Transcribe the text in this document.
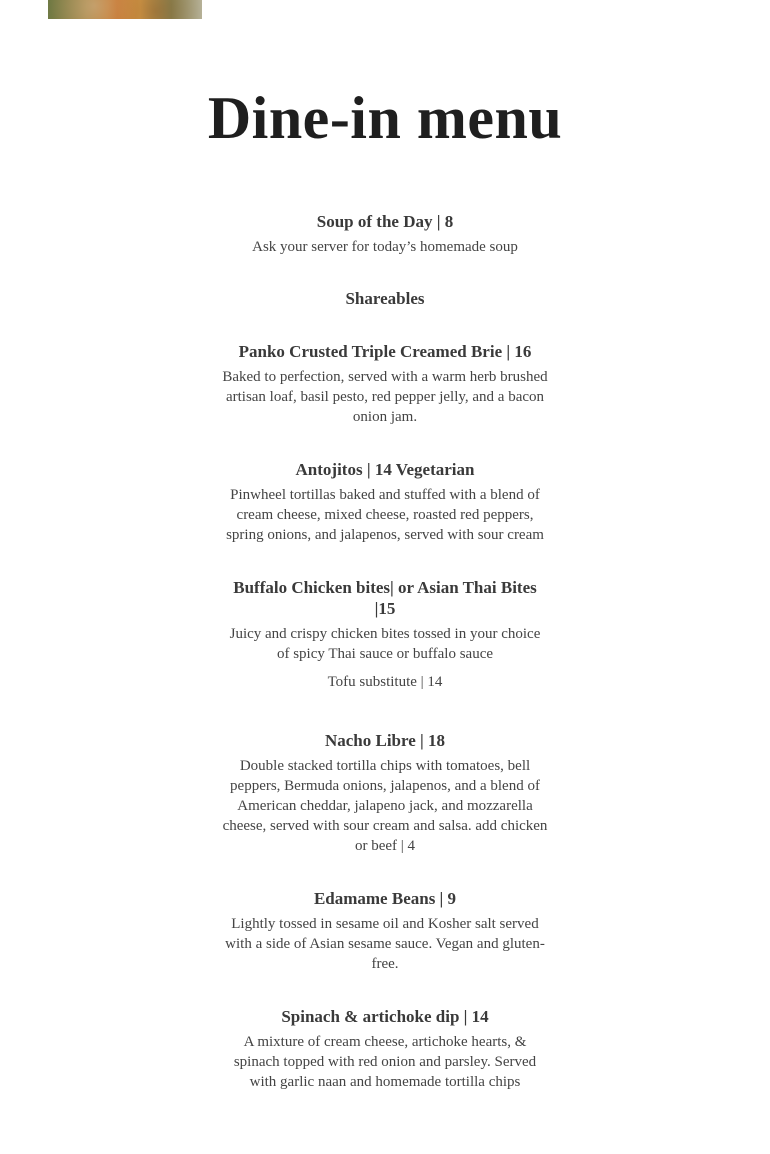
Dine-in menu

Soup of the Day | 8

Ask your server for today’s homemade soup

Shareables

Panko Crusted Triple Creamed Brie | 16

Baked to perfection, served with a warm herb brushed artisan loaf, basil pesto, red pepper jelly, and a bacon onion jam.

Antojitos | 14 Vegetarian

Pinwheel tortillas baked and stuffed with a blend of cream cheese, mixed cheese, roasted red peppers, spring onions, and jalapenos, served with sour cream

Buffalo Chicken bites| or Asian Thai Bites |15

Juicy and crispy chicken bites tossed in your choice of spicy Thai sauce or buffalo sauce

Tofu substitute | 14

Nacho Libre | 18

Double stacked tortilla chips with tomatoes, bell peppers, Bermuda onions, jalapenos, and a blend of American cheddar, jalapeno jack, and mozzarella cheese, served with sour cream and salsa. add chicken or beef | 4

Edamame Beans | 9

Lightly tossed in sesame oil and Kosher salt served with a side of Asian sesame sauce. Vegan and gluten-free.

Spinach & artichoke dip | 14

A mixture of cream cheese, artichoke hearts, & spinach topped with red onion and parsley. Served with garlic naan and homemade tortilla chips
